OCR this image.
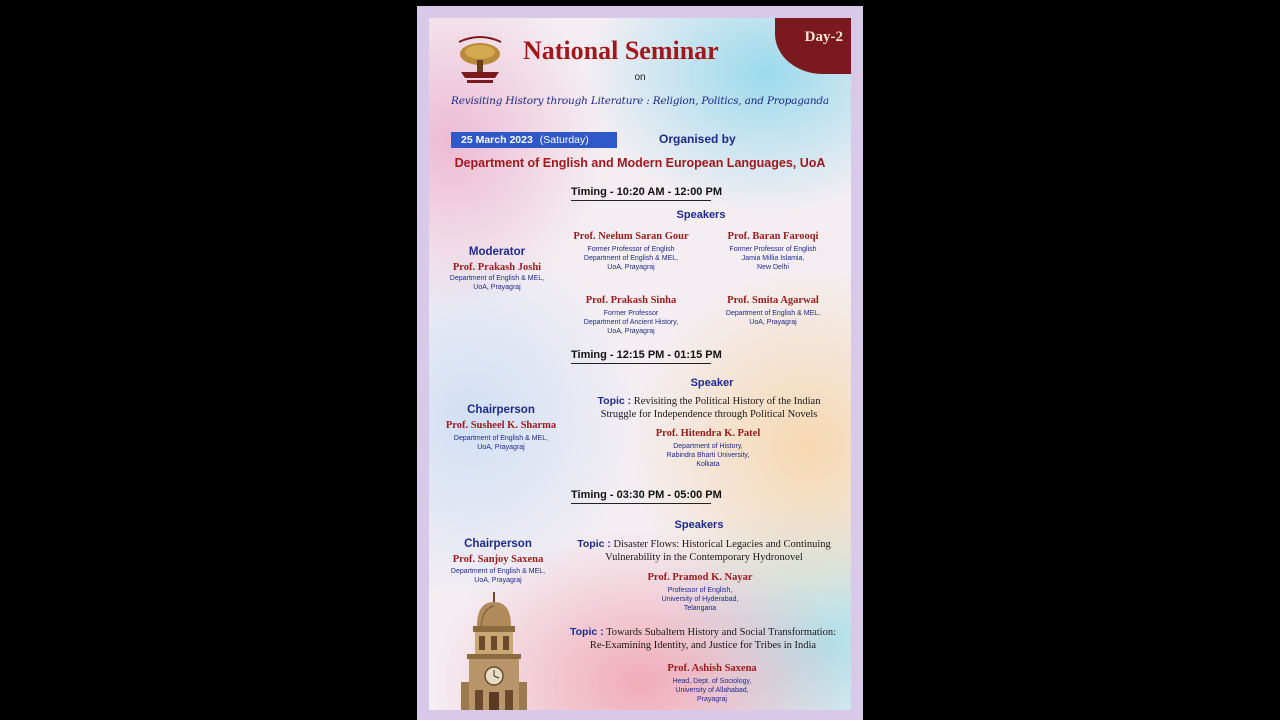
Day-2
National Seminar
on
Revisiting History through Literature : Religion, Politics, and Propaganda
25 March 2023 (Saturday)	Organised by
Department of English and Modern European Languages, UoA
Timing - 10:20 AM - 12:00 PM
Speakers
Moderator
Prof. Prakash Joshi
Department of English & MEL,
UoA, Prayagraj
Prof. Neelum Saran Gour
Former Professor of English
Department of English & MEL,
UoA, Prayagraj
Prof. Baran Farooqi
Former Professor of English
Jamia Millia Islamia,
New Delhi
Prof. Prakash Sinha
Former Professor
Department of Ancient History,
UoA, Prayagraj
Prof. Smita Agarwal
Department of English & MEL,
UoA, Prayagraj
Timing - 12:15 PM - 01:15 PM
Speaker
Chairperson
Prof. Susheel K. Sharma
Department of English & MEL,
UoA, Prayagraj
Topic : Revisiting the Political History of the Indian
Struggle for Independence through Political Novels
Prof. Hitendra K. Patel
Department of History,
Rabindra Bharti University,
Kolkata
Timing - 03:30 PM - 05:00 PM
Speakers
Chairperson
Prof. Sanjoy Saxena
Department of English & MEL,
UoA, Prayagraj
Topic : Disaster Flows: Historical Legacies and Continuing
Vulnerability in the Contemporary Hydronovel
Prof. Pramod K. Nayar
Professor of English,
University of Hyderabad,
Telangana
Topic : Towards Subaltern History and Social Transformation:
Re-Examining Identity, and Justice for Tribes in India
Prof. Ashish Saxena
Head, Dept. of Sociology,
University of Allahabad,
Prayagraj
